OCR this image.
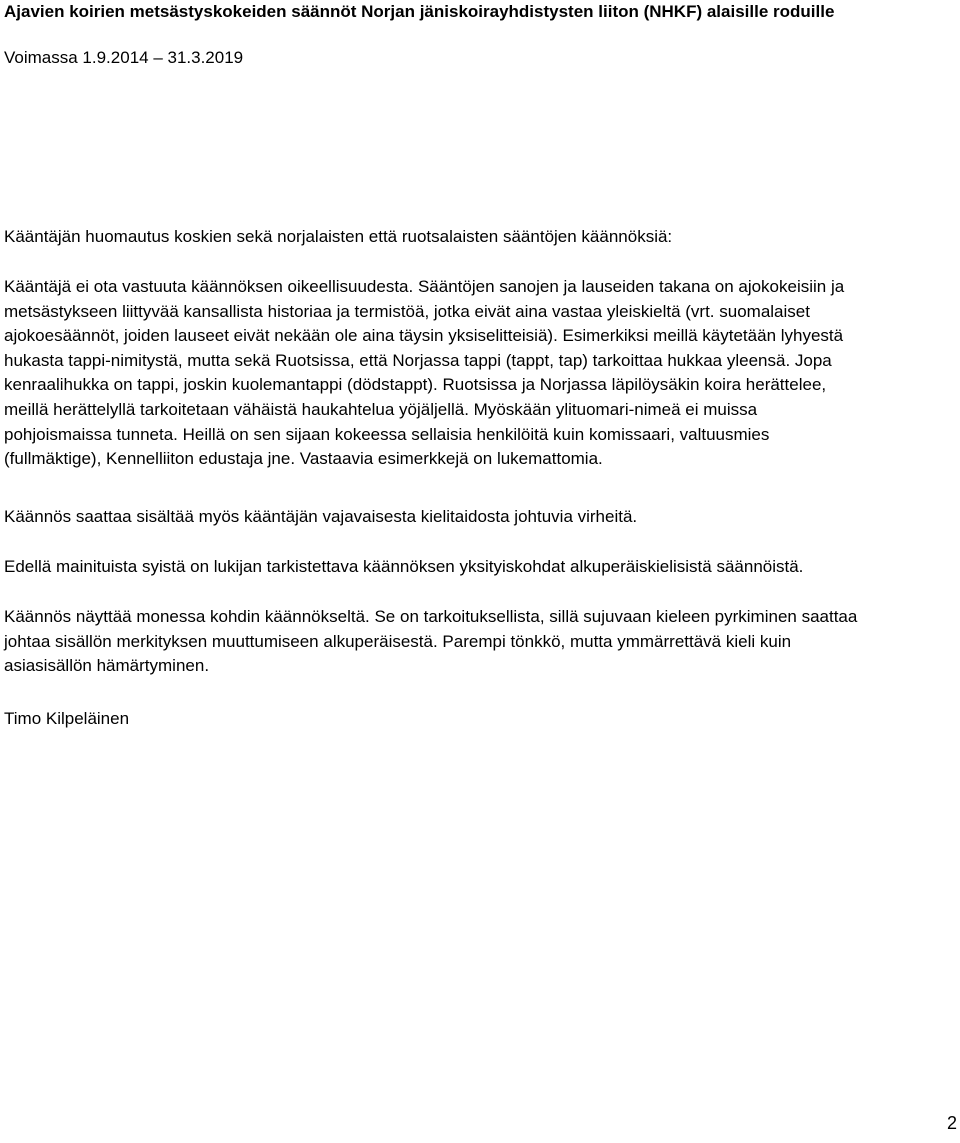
Ajavien koirien metsästyskokeiden säännöt Norjan jäniskoirayhdistysten liiton (NHKF) alaisille roduille

Voimassa 1.9.2014 – 31.3.2019

Kääntäjän huomautus koskien sekä norjalaisten että ruotsalaisten sääntöjen käännöksiä:

Kääntäjä ei ota vastuuta käännöksen oikeellisuudesta. Sääntöjen sanojen ja lauseiden takana on ajokokeisiin ja
metsästykseen liittyvää kansallista historiaa ja termistöä, jotka eivät aina vastaa yleiskieltä (vrt. suomalaiset
ajokoesäännöt, joiden lauseet eivät nekään ole aina täysin yksiselitteisiä). Esimerkiksi meillä käytetään lyhyestä
hukasta tappi-nimitystä, mutta sekä Ruotsissa, että Norjassa tappi (tappt, tap) tarkoittaa hukkaa yleensä. Jopa
kenraalihukka on tappi, joskin kuolemantappi (dödstappt). Ruotsissa ja Norjassa läpilöysäkin koira herättelee,
meillä herättelyllä tarkoitetaan vähäistä haukahtelua yöjäljellä. Myöskään ylituomari-nimeä ei muissa
pohjoismaissa tunneta. Heillä on sen sijaan kokeessa sellaisia henkilöitä kuin komissaari, valtuusmies
(fullmäktige), Kennelliiton edustaja jne. Vastaavia esimerkkejä on lukemattomia.

Käännös saattaa sisältää myös kääntäjän vajavaisesta kielitaidosta johtuvia virheitä.

Edellä mainituista syistä on lukijan tarkistettava käännöksen yksityiskohdat alkuperäiskielisistä säännöistä.

Käännös näyttää monessa kohdin käännökseltä. Se on tarkoituksellista, sillä sujuvaan kieleen pyrkiminen saattaa
johtaa sisällön merkityksen muuttumiseen alkuperäisestä. Parempi tönkkö, mutta ymmärrettävä kieli kuin
asiasisällön hämärtyminen.

Timo Kilpeläinen

2
